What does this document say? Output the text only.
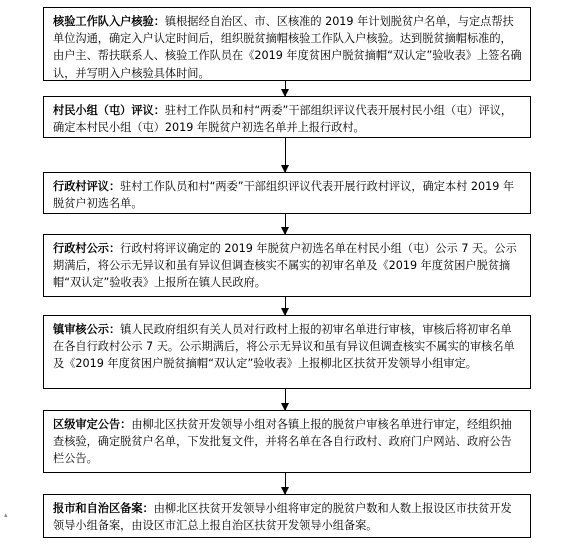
核验工作队入户核验：镇根据经自治区、市、区核准的 2019 年计划脱贫户名单，与定点帮扶单位沟通，确定入户认定时间后，组织脱贫摘帽核验工作队入户核验。达到脱贫摘帽标准的，由户主、帮扶联系人、核验工作队员在《2019 年度贫困户脱贫摘帽“双认定”验收表》上签名确认，并写明入户核验具体时间。
村民小组（屯）评议：驻村工作队员和村“两委”干部组织评议代表开展村民小组（屯）评议，确定本村民小组（屯）2019 年脱贫户初选名单并上报行政村。
行政村评议：驻村工作队员和村“两委”干部组织评议代表开展行政村评议，确定本村 2019 年脱贫户初选名单。
行政村公示：行政村将评议确定的 2019 年脱贫户初选名单在村民小组（屯）公示 7 天。公示期满后，将公示无异议和虽有异议但调查核实不属实的初审名单及《2019 年度贫困户脱贫摘帽“双认定”验收表》上报所在镇人民政府。
镇审核公示：镇人民政府组织有关人员对行政村上报的初审名单进行审核，审核后将初审名单在各自行政村公示 7 天。公示期满后，将公示无异议和虽有异议但调查核实不属实的审核名单及《2019 年度贫困户脱贫摘帽“双认定”验收表》上报柳北区扶贫开发领导小组审定。
区级审定公告：由柳北区扶贫开发领导小组对各镇上报的脱贫户审核名单进行审定，经组织抽查核验，确定脱贫户名单，下发批复文件，并将名单在各自行政村、政府门户网站、政府公告栏公告。
报市和自治区备案：由柳北区扶贫开发领导小组将审定的脱贫户数和人数上报设区市扶贫开发领导小组备案，由设区市汇总上报自治区扶贫开发领导小组备案。
▴
